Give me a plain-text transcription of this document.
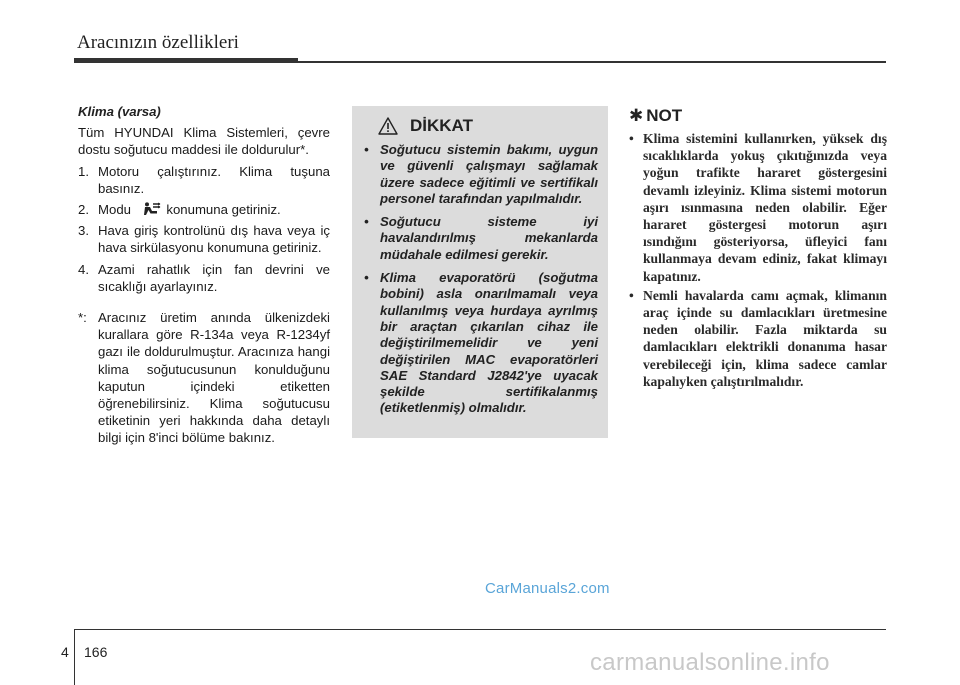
Aracınızın özellikleri
Klima (varsa)

Tüm HYUNDAI Klima Sistemleri, çevre dostu soğutucu maddesi ile doldurulur*.

1. Motoru çalıştırınız. Klima tuşuna basınız.
2. Modu	konumuna getiriniz.
3. Hava giriş kontrolünü dış hava veya iç hava sirkülasyonu konumuna getiriniz.
4. Azami rahatlık için fan devrini ve sıcaklığı ayarlayınız.
*: Aracınız üretim anında ülkenizdeki kurallara göre R-134a veya R-1234yf gazı ile doldurulmuştur. Aracınıza hangi klima soğutucusunun konulduğunu kaputun içindeki etiketten öğrenebilirsiniz. Klima soğutucusu etiketinin yeri hakkında daha detaylı bilgi için 8'inci bölüme bakınız.
DİKKAT
• Soğutucu sistemin bakımı, uygun ve güvenli çalışmayı sağlamak üzere sadece eğitimli ve sertifikalı personel tarafından yapılmalıdır.
• Soğutucu sisteme iyi havalandırılmış mekanlarda müdahale edilmesi gerekir.
• Klima evaporatörü (soğutma bobini) asla onarılmamalı veya kullanılmış veya hurdaya ayrılmış bir araçtan çıkarılan cihaz ile değiştirilmemelidir ve yeni değiştirilen MAC evaporatörleri SAE Standard J2842'ye uyacak şekilde sertifikalanmış (etiketlenmiş) olmalıdır.
✱ NOT
• Klima sistemini kullanırken, yüksek dış sıcaklıklarda yokuş çıkıtığınızda veya yoğun trafikte hararet göstergesini devamlı izleyiniz. Klima sistemi motorun aşırı ısınmasına neden olabilir. Eğer hararet göstergesi motorun aşırı ısındığını gösteriyorsa, üfleyici fanı kullanmaya devam ediniz, fakat klimayı kapatınız.
• Nemli havalarda camı açmak, klimanın araç içinde su damlacıkları üretmesine neden olabilir. Fazla miktarda su damlacıkları elektrikli donanıma hasar verebileceği için, klima sadece camlar kapalıyken çalıştırılmalıdır.
CarManuals2.com
4 166	carmanualsonline.info
